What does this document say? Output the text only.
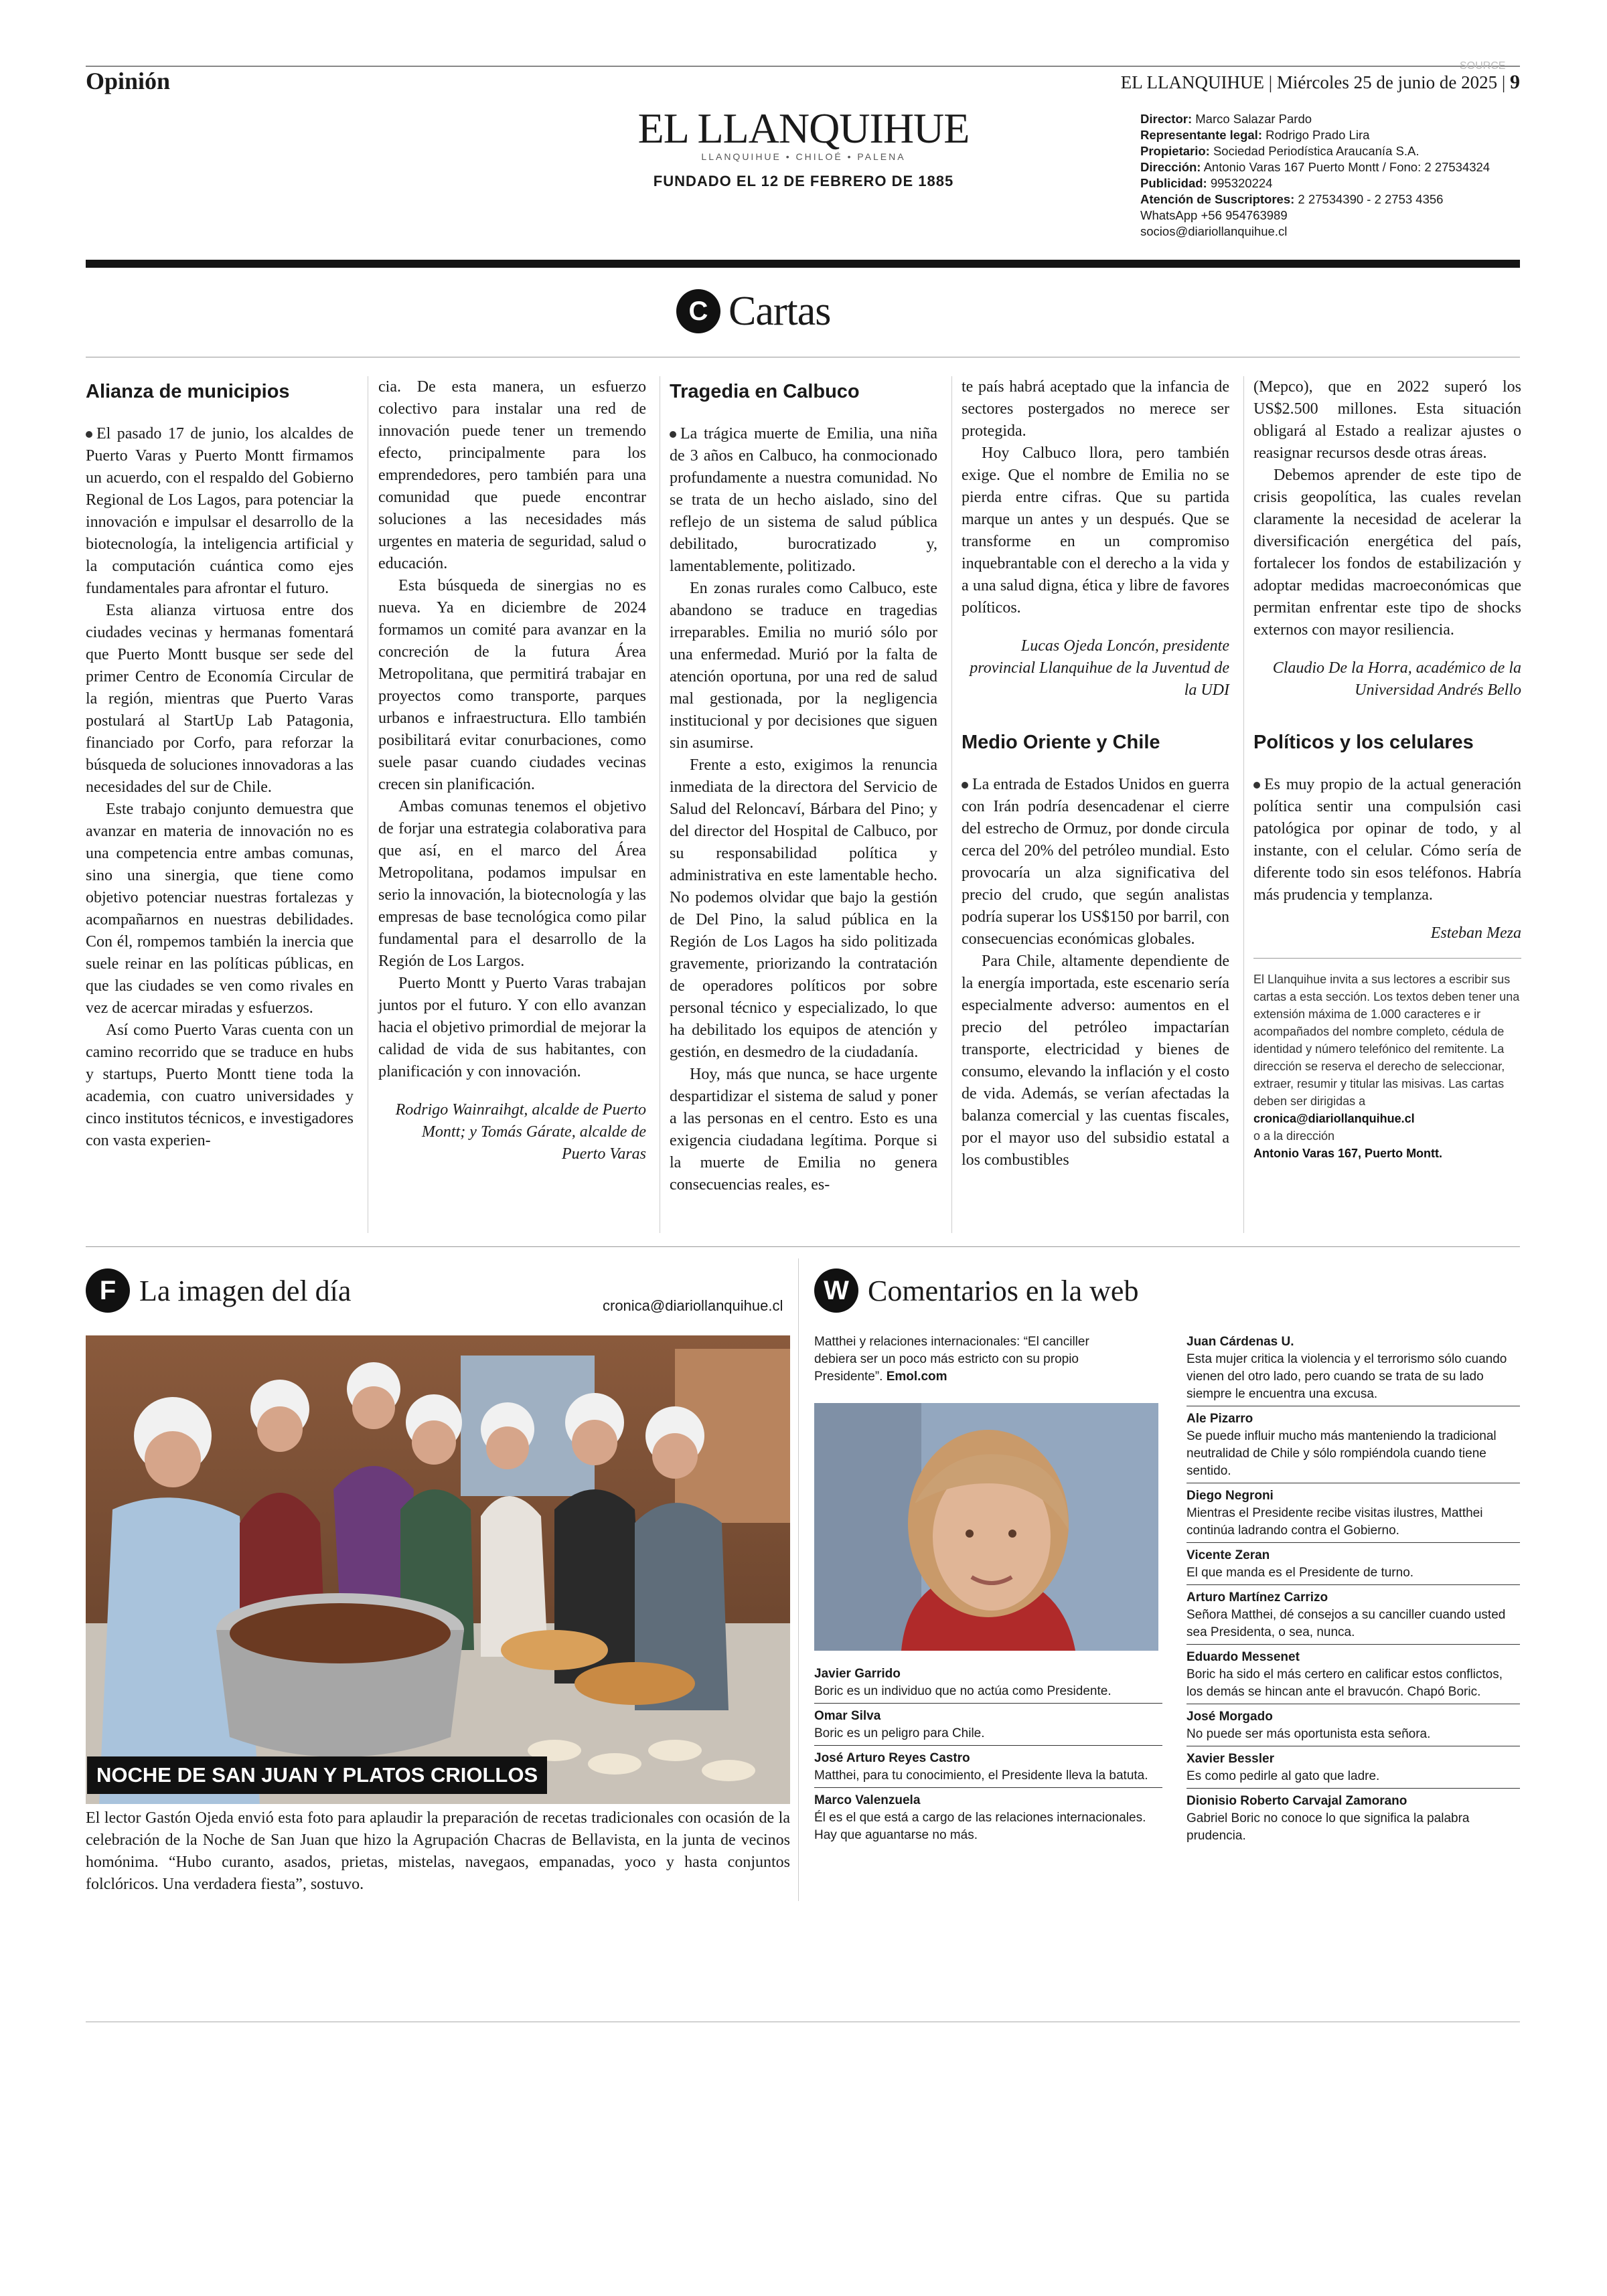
Opinión
SOURCE
EL LLANQUIHUE | Miércoles 25 de junio de 2025 | 9
EL LLANQUIHUE
LLANQUIHUE • CHILOÉ • PALENA
FUNDADO EL 12 DE FEBRERO DE 1885
Director: Marco Salazar Pardo
Representante legal: Rodrigo Prado Lira
Propietario: Sociedad Periodística Araucanía S.A.
Dirección: Antonio Varas 167 Puerto Montt / Fono: 2 27534324
Publicidad: 995320224
Atención de Suscriptores: 2 27534390 - 2 2753 4356
WhatsApp +56 954763989
socios@diariollanquihue.cl
C Cartas
Alianza de municipios

El pasado 17 de junio, los alcaldes de Puerto Varas y Puerto Montt firmamos un acuerdo, con el respaldo del Gobierno Regional de Los Lagos, para potenciar la innovación e impulsar el desarrollo de la biotecnología, la inteligencia artificial y la computación cuántica como ejes fundamentales para afrontar el futuro.

Esta alianza virtuosa entre dos ciudades vecinas y hermanas fomentará que Puerto Montt busque ser sede del primer Centro de Economía Circular de la región, mientras que Puerto Varas postulará al StartUp Lab Patagonia, financiado por Corfo, para reforzar la búsqueda de soluciones innovadoras a las necesidades del sur de Chile.

Este trabajo conjunto demuestra que avanzar en materia de innovación no es una competencia entre ambas comunas, sino una sinergia, que tiene como objetivo potenciar nuestras fortalezas y acompañarnos en nuestras debilidades. Con él, rompemos también la inercia que suele reinar en las políticas públicas, en que las ciudades se ven como rivales en vez de acercar miradas y esfuerzos.

Así como Puerto Varas cuenta con un camino recorrido que se traduce en hubs y startups, Puerto Montt tiene toda la academia, con cuatro universidades y cinco institutos técnicos, e investigadores con vasta experien-

cia. De esta manera, un esfuerzo colectivo para instalar una red de innovación puede tener un tremendo efecto, principalmente para los emprendedores, pero también para una comunidad que puede encontrar soluciones a las necesidades más urgentes en materia de seguridad, salud o educación.

Esta búsqueda de sinergias no es nueva. Ya en diciembre de 2024 formamos un comité para avanzar en la concreción de la futura Área Metropolitana, que permitirá trabajar en proyectos como transporte, parques urbanos e infraestructura. Ello también posibilitará evitar conurbaciones, como suele pasar cuando ciudades vecinas crecen sin planificación.

Ambas comunas tenemos el objetivo de forjar una estrategia colaborativa para que así, en el marco del Área Metropolitana, podamos impulsar en serio la innovación, la biotecnología y las empresas de base tecnológica como pilar fundamental para el desarrollo de la Región de Los Largos.

Puerto Montt y Puerto Varas trabajan juntos por el futuro. Y con ello avanzan hacia el objetivo primordial de mejorar la calidad de vida de sus habitantes, con planificación y con innovación.

Rodrigo Wainraihgt, alcalde de Puerto Montt; y Tomás Gárate, alcalde de Puerto Varas

Tragedia en Calbuco

La trágica muerte de Emilia, una niña de 3 años en Calbuco, ha conmocionado profundamente a nuestra comunidad. No se trata de un hecho aislado, sino del reflejo de un sistema de salud pública debilitado, burocratizado y, lamentablemente, politizado.

En zonas rurales como Calbuco, este abandono se traduce en tragedias irreparables. Emilia no murió sólo por una enfermedad. Murió por la falta de atención oportuna, por una red de salud mal gestionada, por la negligencia institucional y por decisiones que siguen sin asumirse.

Frente a esto, exigimos la renuncia inmediata de la directora del Servicio de Salud del Reloncaví, Bárbara del Pino; y del director del Hospital de Calbuco, por su responsabilidad política y administrativa en este lamentable hecho. No podemos olvidar que bajo la gestión de Del Pino, la salud pública en la Región de Los Lagos ha sido politizada gravemente, priorizando la contratación de operadores políticos por sobre personal técnico y especializado, lo que ha debilitado los equipos de atención y gestión, en desmedro de la ciudadanía.

Hoy, más que nunca, se hace urgente despartidizar el sistema de salud y poner a las personas en el centro. Esto es una exigencia ciudadana legítima. Porque si la muerte de Emilia no genera consecuencias reales, es-

te país habrá aceptado que la infancia de sectores postergados no merece ser protegida.

Hoy Calbuco llora, pero también exige. Que el nombre de Emilia no se pierda entre cifras. Que su partida marque un antes y un después. Que se transforme en un compromiso inquebrantable con el derecho a la vida y a una salud digna, ética y libre de favores políticos.

Lucas Ojeda Loncón, presidente provincial Llanquihue de la Juventud de la UDI

Medio Oriente y Chile

La entrada de Estados Unidos en guerra con Irán podría desencadenar el cierre del estrecho de Ormuz, por donde circula cerca del 20% del petróleo mundial. Esto provocaría un alza significativa del precio del crudo, que según analistas podría superar los US$150 por barril, con consecuencias económicas globales.

Para Chile, altamente dependiente de la energía importada, este escenario sería especialmente adverso: aumentos en el precio del petróleo impactarían transporte, electricidad y bienes de consumo, elevando la inflación y el costo de vida. Además, se verían afectadas la balanza comercial y las cuentas fiscales, por el mayor uso del subsidio estatal a los combustibles

(Mepco), que en 2022 superó los US$2.500 millones. Esta situación obligará al Estado a realizar ajustes o reasignar recursos desde otras áreas.

Debemos aprender de este tipo de crisis geopolítica, las cuales revelan claramente la necesidad de acelerar la diversificación energética del país, fortalecer los fondos de estabilización y adoptar medidas macroeconómicas que permitan enfrentar este tipo de shocks externos con mayor resiliencia.

Claudio De la Horra, académico de la Universidad Andrés Bello

Políticos y los celulares

Es muy propio de la actual generación política sentir una compulsión casi patológica por opinar de todo, y al instante, con el celular. Cómo sería de diferente todo sin esos teléfonos. Habría más prudencia y templanza.

Esteban Meza

El Llanquihue invita a sus lectores a escribir sus cartas a esta sección. Los textos deben tener una extensión máxima de 1.000 caracteres e ir acompañados del nombre completo, cédula de identidad y número telefónico del remitente. La dirección se reserva el derecho de seleccionar, extraer, resumir y titular las misivas. Las cartas deben ser dirigidas a
cronica@diariollanquihue.cl
o a la dirección
Antonio Varas 167, Puerto Montt.
F La imagen del día	cronica@diariollanquihue.cl
NOCHE DE SAN JUAN Y PLATOS CRIOLLOS
El lector Gastón Ojeda envió esta foto para aplaudir la preparación de recetas tradicionales con ocasión de la celebración de la Noche de San Juan que hizo la Agrupación Chacras de Bellavista, en la junta de vecinos homónima. “Hubo curanto, asados, prietas, mistelas, navegaos, empanadas, yoco y hasta conjuntos folclóricos. Una verdadera fiesta”, sostuvo.
W Comentarios en la web
Matthei y relaciones internacionales: “El canciller debiera ser un poco más estricto con su propio Presidente”. Emol.com
Javier Garrido
Boric es un individuo que no actúa como Presidente.
Omar Silva
Boric es un peligro para Chile.
José Arturo Reyes Castro
Matthei, para tu conocimiento, el Presidente lleva la batuta.
Marco Valenzuela
Él es el que está a cargo de las relaciones internacionales. Hay que aguantarse no más.
Juan Cárdenas U.
Esta mujer critica la violencia y el terrorismo sólo cuando vienen del otro lado, pero cuando se trata de su lado siempre le encuentra una excusa.
Ale Pizarro
Se puede influir mucho más manteniendo la tradicional neutralidad de Chile y sólo rompiéndola cuando tiene sentido.
Diego Negroni
Mientras el Presidente recibe visitas ilustres, Matthei continúa ladrando contra el Gobierno.
Vicente Zeran
El que manda es el Presidente de turno.
Arturo Martínez Carrizo
Señora Matthei, dé consejos a su canciller cuando usted sea Presidenta, o sea, nunca.
Eduardo Messenet
Boric ha sido el más certero en calificar estos conflictos, los demás se hincan ante el bravucón. Chapó Boric.
José Morgado
No puede ser más oportunista esta señora.
Xavier Bessler
Es como pedirle al gato que ladre.
Dionisio Roberto Carvajal Zamorano
Gabriel Boric no conoce lo que significa la palabra prudencia.
